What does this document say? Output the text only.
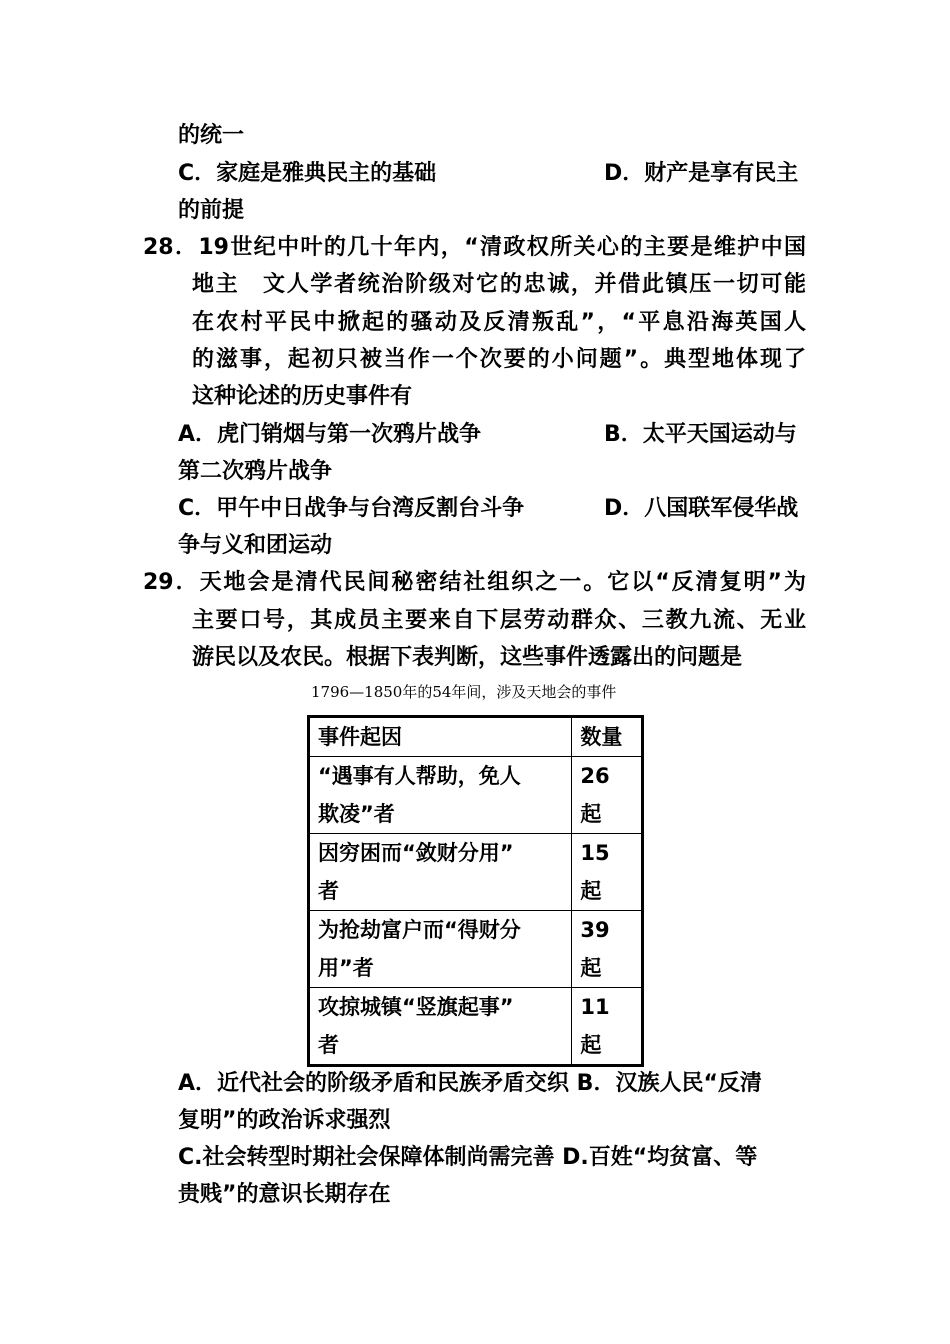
的统一
C．家庭是雅典民主的基础	D．财产是享有民主
的前提
28．19世纪中叶的几十年内，“清政权所关心的主要是维护中国
地主　文人学者统治阶级对它的忠诚，并借此镇压一切可能
在农村平民中掀起的骚动及反清叛乱”，“平息沿海英国人
的滋事，起初只被当作一个次要的小问题”。典型地体现了
这种论述的历史事件有
A．虎门销烟与第一次鸦片战争	B．太平天国运动与
第二次鸦片战争
C．甲午中日战争与台湾反割台斗争	D．八国联军侵华战
争与义和团运动
29．天地会是清代民间秘密结社组织之一。它以“反清复明”为
主要口号，其成员主要来自下层劳动群众、三教九流、无业
游民以及农民。根据下表判断，这些事件透露出的问题是
1796—1850年的54年间，涉及天地会的事件
事件起因	数量
“遇事有人帮助，免人
欺凌”者	26
起
因穷困而“敛财分用”
者	15
起
为抢劫富户而“得财分
用”者	39
起
攻掠城镇“竖旗起事”
者	11
起
A．近代社会的阶级矛盾和民族矛盾交织 B．汉族人民“反清
复明”的政治诉求强烈
C.社会转型时期社会保障体制尚需完善 D.百姓“均贫富、等
贵贱”的意识长期存在
